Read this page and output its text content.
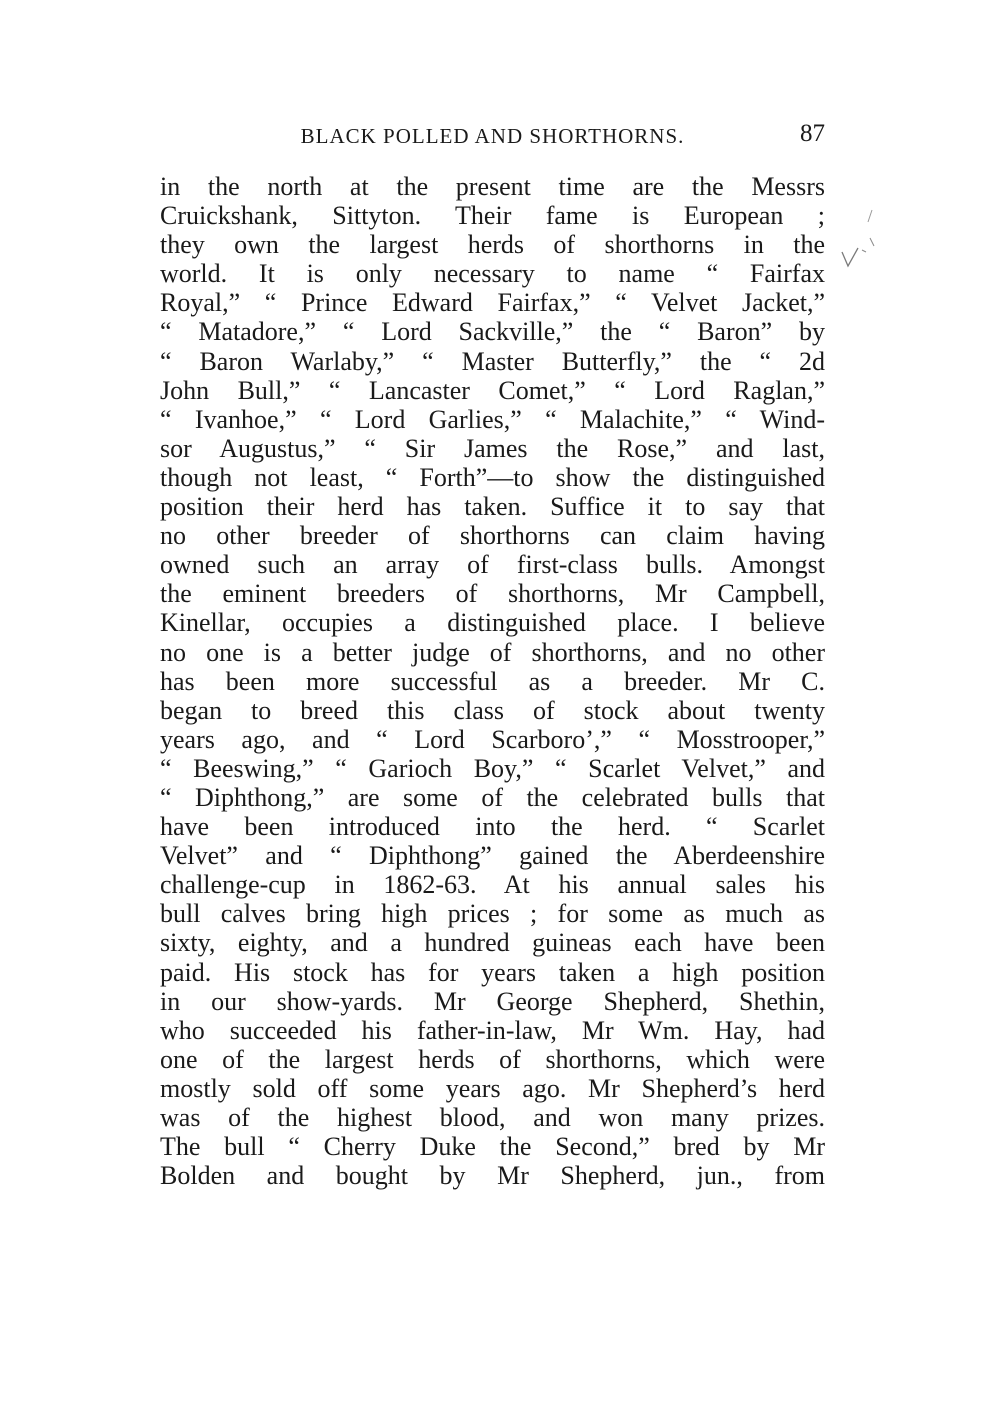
BLACK POLLED AND SHORTHORNS.	87
in the north at the present time are the Messrs
Cruickshank, Sittyton. Their fame is European ;
they own the largest herds of shorthorns in the
world. It is only necessary to name “ Fairfax
Royal,” “ Prince Edward Fairfax,” “ Velvet Jacket,”
“ Matadore,” “ Lord Sackville,” the “ Baron” by
“ Baron Warlaby,” “ Master Butterfly,” the “ 2d
John Bull,” “ Lancaster Comet,” “ Lord Raglan,”
“ Ivanhoe,” “ Lord Garlies,” “ Malachite,” “ Wind-
sor Augustus,” “ Sir James the Rose,” and last,
though not least, “ Forth”—to show the distinguished
position their herd has taken. Suffice it to say that
no other breeder of shorthorns can claim having
owned such an array of first-class bulls. Amongst
the eminent breeders of shorthorns, Mr Campbell,
Kinellar, occupies a distinguished place. I believe
no one is a better judge of shorthorns, and no other
has been more successful as a breeder. Mr C.
began to breed this class of stock about twenty
years ago, and “ Lord Scarboro’,” “ Mosstrooper,”
“ Beeswing,” “ Garioch Boy,” “ Scarlet Velvet,” and
“ Diphthong,” are some of the celebrated bulls that
have been introduced into the herd. “ Scarlet
Velvet” and “ Diphthong” gained the Aberdeenshire
challenge-cup in 1862-63. At his annual sales his
bull calves bring high prices ; for some as much as
sixty, eighty, and a hundred guineas each have been
paid. His stock has for years taken a high position
in our show-yards. Mr George Shepherd, Shethin,
who succeeded his father-in-law, Mr Wm. Hay, had
one of the largest herds of shorthorns, which were
mostly sold off some years ago. Mr Shepherd’s herd
was of the highest blood, and won many prizes.
The bull “ Cherry Duke the Second,” bred by Mr
Bolden and bought by Mr Shepherd, jun., from
